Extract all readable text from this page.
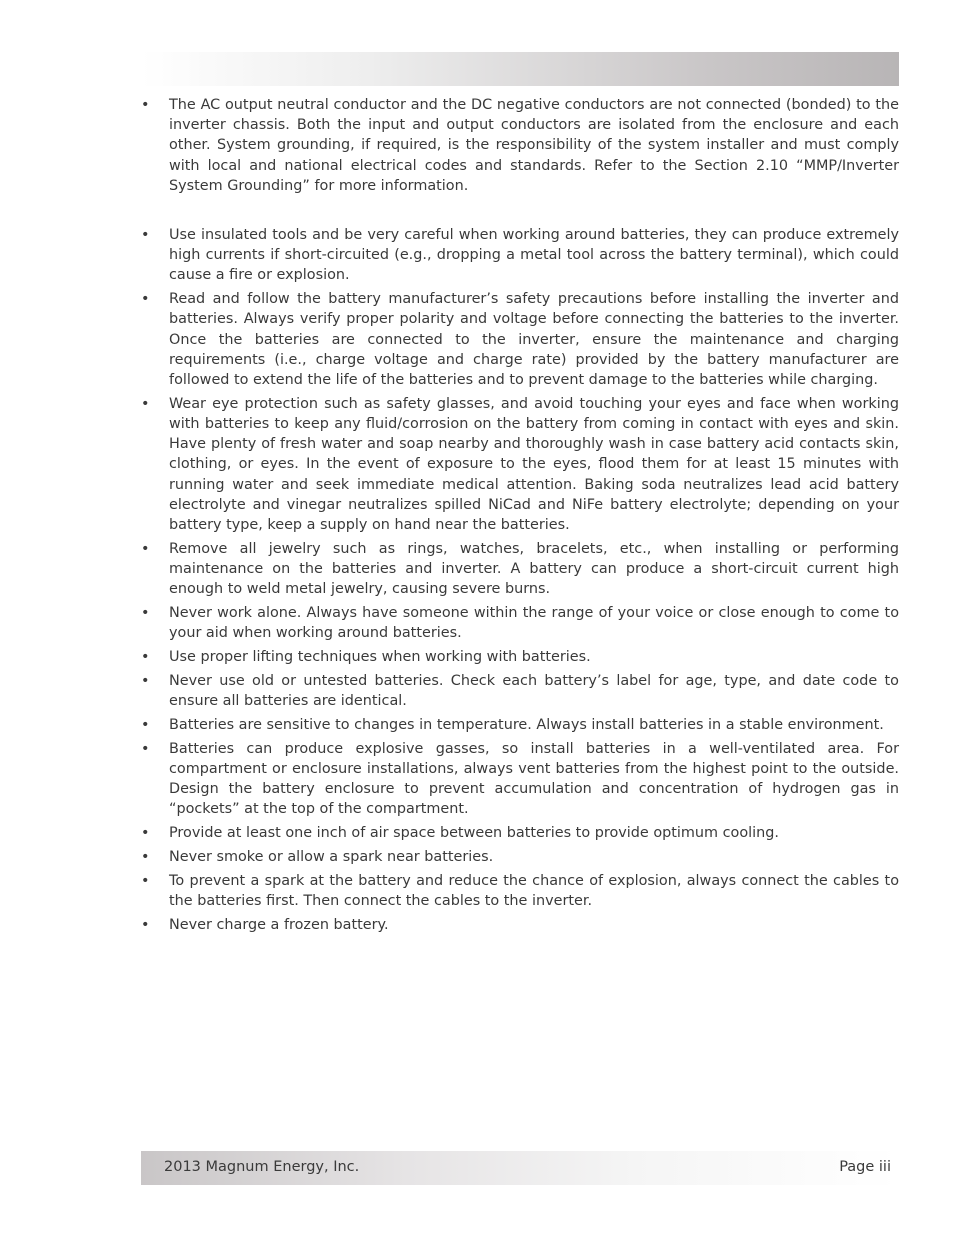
• The AC output neutral conductor and the DC negative conductors are not connected (bonded) to the inverter chassis. Both the input and output conductors are isolated from the enclosure and each other. System grounding, if required, is the responsibility of the system installer and must comply with local and national electrical codes and standards. Refer to the Section 2.10 “MMP/Inverter System Grounding” for more information.
• Use insulated tools and be very careful when working around batteries, they can produce extremely high currents if short-circuited (e.g., dropping a metal tool across the battery terminal), which could cause a fire or explosion.
• Read and follow the battery manufacturer’s safety precautions before installing the inverter and batteries. Always verify proper polarity and voltage before connecting the batteries to the inverter. Once the batteries are connected to the inverter, ensure the maintenance and charging requirements (i.e., charge voltage and charge rate) provided by the battery manufacturer are followed to extend the life of the batteries and to prevent damage to the batteries while charging.
• Wear eye protection such as safety glasses, and avoid touching your eyes and face when working with batteries to keep any fluid/corrosion on the battery from coming in contact with eyes and skin. Have plenty of fresh water and soap nearby and thoroughly wash in case battery acid contacts skin, clothing, or eyes. In the event of exposure to the eyes, flood them for at least 15 minutes with running water and seek immediate medical attention. Baking soda neutralizes lead acid battery electrolyte and vinegar neutralizes spilled NiCad and NiFe battery electrolyte; depending on your battery type, keep a supply on hand near the batteries.
• Remove all jewelry such as rings, watches, bracelets, etc., when installing or performing maintenance on the batteries and inverter. A battery can produce a short-circuit current high enough to weld metal jewelry, causing severe burns.
• Never work alone. Always have someone within the range of your voice or close enough to come to your aid when working around batteries.
• Use proper lifting techniques when working with batteries.
• Never use old or untested batteries. Check each battery’s label for age, type, and date code to ensure all batteries are identical.
• Batteries are sensitive to changes in temperature. Always install batteries in a stable environment.
• Batteries can produce explosive gasses, so install batteries in a well-ventilated area. For compartment or enclosure installations, always vent batteries from the highest point to the outside. Design the battery enclosure to prevent accumulation and concentration of hydrogen gas in “pockets” at the top of the compartment.
• Provide at least one inch of air space between batteries to provide optimum cooling.
• Never smoke or allow a spark near batteries.
• To prevent a spark at the battery and reduce the chance of explosion, always connect the cables to the batteries first. Then connect the cables to the inverter.
• Never charge a frozen battery.
2013 Magnum Energy, Inc.	Page iii
